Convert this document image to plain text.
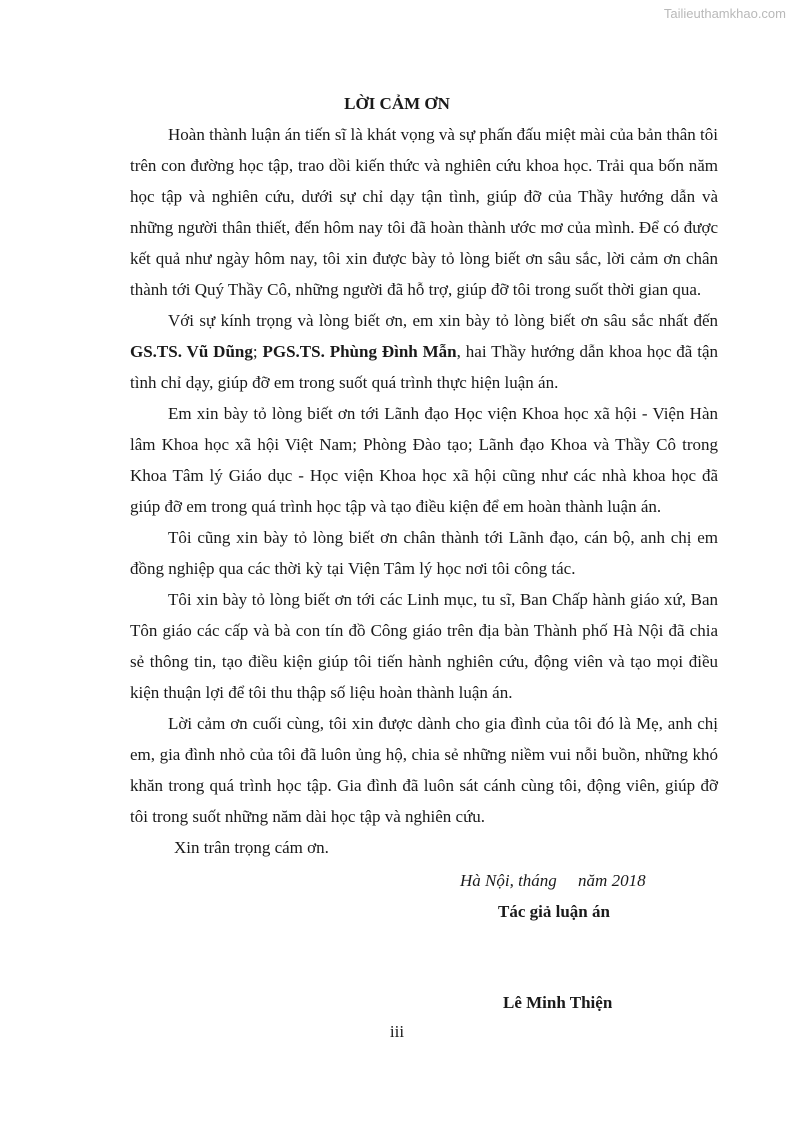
Tailieuthamkhao.com
LỜI CẢM ƠN

Hoàn thành luận án tiến sĩ là khát vọng và sự phấn đấu miệt mài của bản thân tôi trên con đường học tập, trao dồi kiến thức và nghiên cứu khoa học. Trải qua bốn năm học tập và nghiên cứu, dưới sự chỉ dạy tận tình, giúp đỡ của Thầy hướng dẫn và những người thân thiết, đến hôm nay tôi đã hoàn thành ước mơ của mình. Để có được kết quả như ngày hôm nay, tôi xin được bày tỏ lòng biết ơn sâu sắc, lời cảm ơn chân thành tới Quý Thầy Cô, những người đã hỗ trợ, giúp đỡ tôi trong suốt thời gian qua.

Với sự kính trọng và lòng biết ơn, em xin bày tỏ lòng biết ơn sâu sắc nhất đến GS.TS. Vũ Dũng; PGS.TS. Phùng Đình Mẫn, hai Thầy hướng dẫn khoa học đã tận tình chỉ dạy, giúp đỡ em trong suốt quá trình thực hiện luận án.

Em xin bày tỏ lòng biết ơn tới Lãnh đạo Học viện Khoa học xã hội - Viện Hàn lâm Khoa học xã hội Việt Nam; Phòng Đào tạo; Lãnh đạo Khoa và Thầy Cô trong Khoa Tâm lý Giáo dục - Học viện Khoa học xã hội cũng như các nhà khoa học đã giúp đỡ em trong quá trình học tập và tạo điều kiện để em hoàn thành luận án.

Tôi cũng xin bày tỏ lòng biết ơn chân thành tới Lãnh đạo, cán bộ, anh chị em đồng nghiệp qua các thời kỳ tại Viện Tâm lý học nơi tôi công tác.

Tôi xin bày tỏ lòng biết ơn tới các Linh mục, tu sĩ, Ban Chấp hành giáo xứ, Ban Tôn giáo các cấp và bà con tín đồ Công giáo trên địa bàn Thành phố Hà Nội đã chia sẻ thông tin, tạo điều kiện giúp tôi tiến hành nghiên cứu, động viên và tạo mọi điều kiện thuận lợi để tôi thu thập số liệu hoàn thành luận án.

Lời cảm ơn cuối cùng, tôi xin được dành cho gia đình của tôi đó là Mẹ, anh chị em, gia đình nhỏ của tôi đã luôn ủng hộ, chia sẻ những niềm vui nỗi buồn, những khó khăn trong quá trình học tập. Gia đình đã luôn sát cánh cùng tôi, động viên, giúp đỡ tôi trong suốt những năm dài học tập và nghiên cứu.

Xin trân trọng cám ơn.

Hà Nội, tháng     năm 2018
Tác giả luận án
Lê Minh Thiện
iii
